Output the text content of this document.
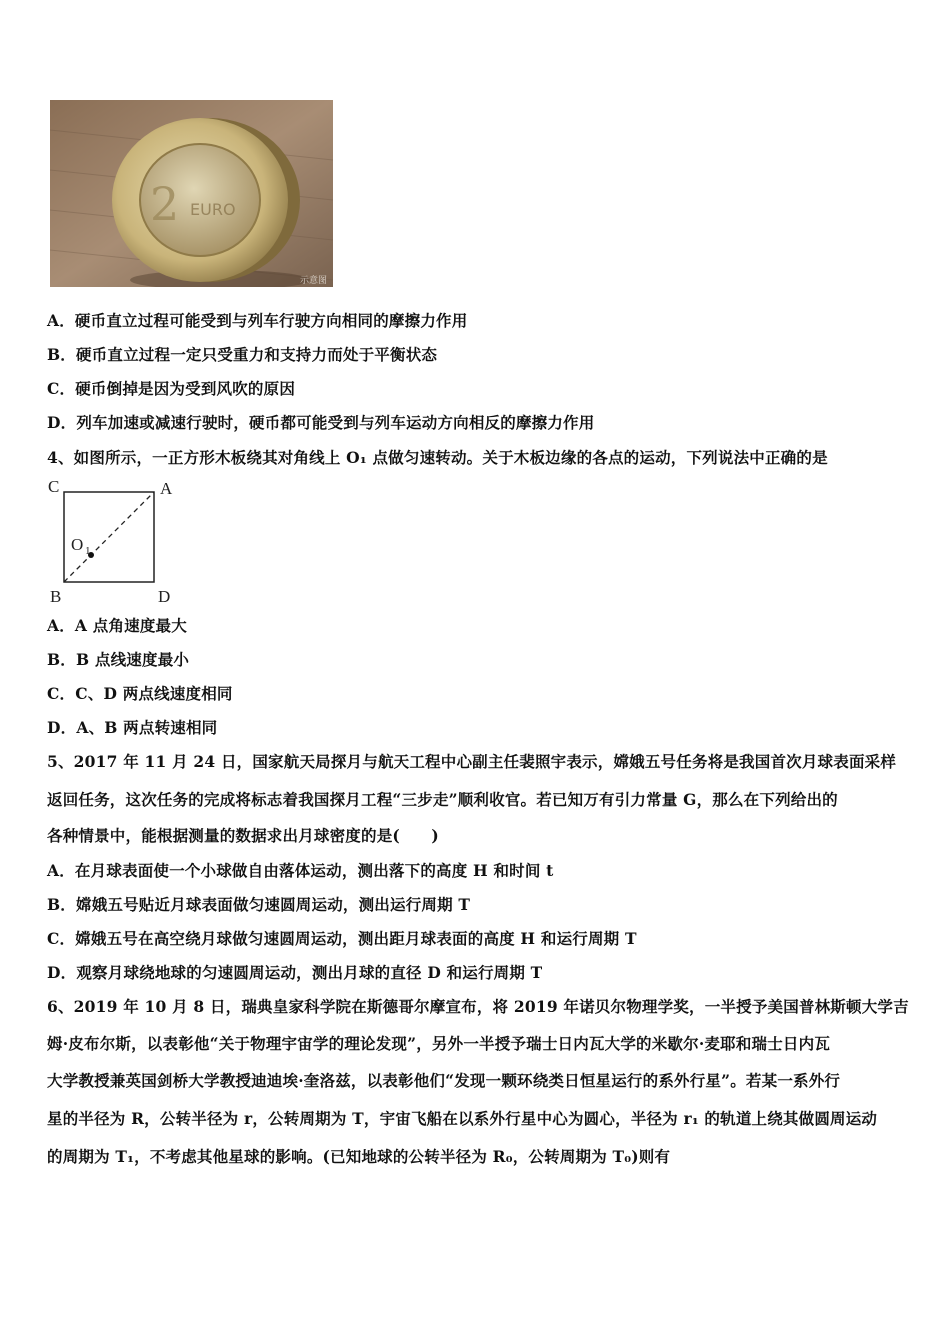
2 EURO
示意图
A．硬币直立过程可能受到与列车行驶方向相同的摩擦力作用
B．硬币直立过程一定只受重力和支持力而处于平衡状态
C．硬币倒掉是因为受到风吹的原因
D．列车加速或减速行驶时，硬币都可能受到与列车运动方向相反的摩擦力作用
4、如图所示，一正方形木板绕其对角线上 O₁ 点做匀速转动。关于木板边缘的各点的运动，下列说法中正确的是
C	A
O 1
B	D
A．A 点角速度最大
B．B 点线速度最小
C．C、D 两点线速度相同
D．A、B 两点转速相同
5、2017 年 11 月 24 日，国家航天局探月与航天工程中心副主任裴照宇表示，嫦娥五号任务将是我国首次月球表面采样
返回任务，这次任务的完成将标志着我国探月工程“三步走”顺利收官。若已知万有引力常量 G，那么在下列给出的
各种情景中，能根据测量的数据求出月球密度的是(　　)
A．在月球表面使一个小球做自由落体运动，测出落下的高度 H 和时间 t
B．嫦娥五号贴近月球表面做匀速圆周运动，测出运行周期 T
C．嫦娥五号在高空绕月球做匀速圆周运动，测出距月球表面的高度 H 和运行周期 T
D．观察月球绕地球的匀速圆周运动，测出月球的直径 D 和运行周期 T
6、2019 年 10 月 8 日，瑞典皇家科学院在斯德哥尔摩宣布，将 2019 年诺贝尔物理学奖，一半授予美国普林斯顿大学吉
姆·皮布尔斯，以表彰他“关于物理宇宙学的理论发现”，另外一半授予瑞士日内瓦大学的米歇尔·麦耶和瑞士日内瓦
大学教授兼英国剑桥大学教授迪迪埃·奎洛兹，以表彰他们“发现一颗环绕类日恒星运行的系外行星”。若某一系外行
星的半径为 R，公转半径为 r，公转周期为 T，宇宙飞船在以系外行星中心为圆心，半径为 r₁ 的轨道上绕其做圆周运动
的周期为 T₁，不考虑其他星球的影响。(已知地球的公转半径为 R₀，公转周期为 T₀)则有
